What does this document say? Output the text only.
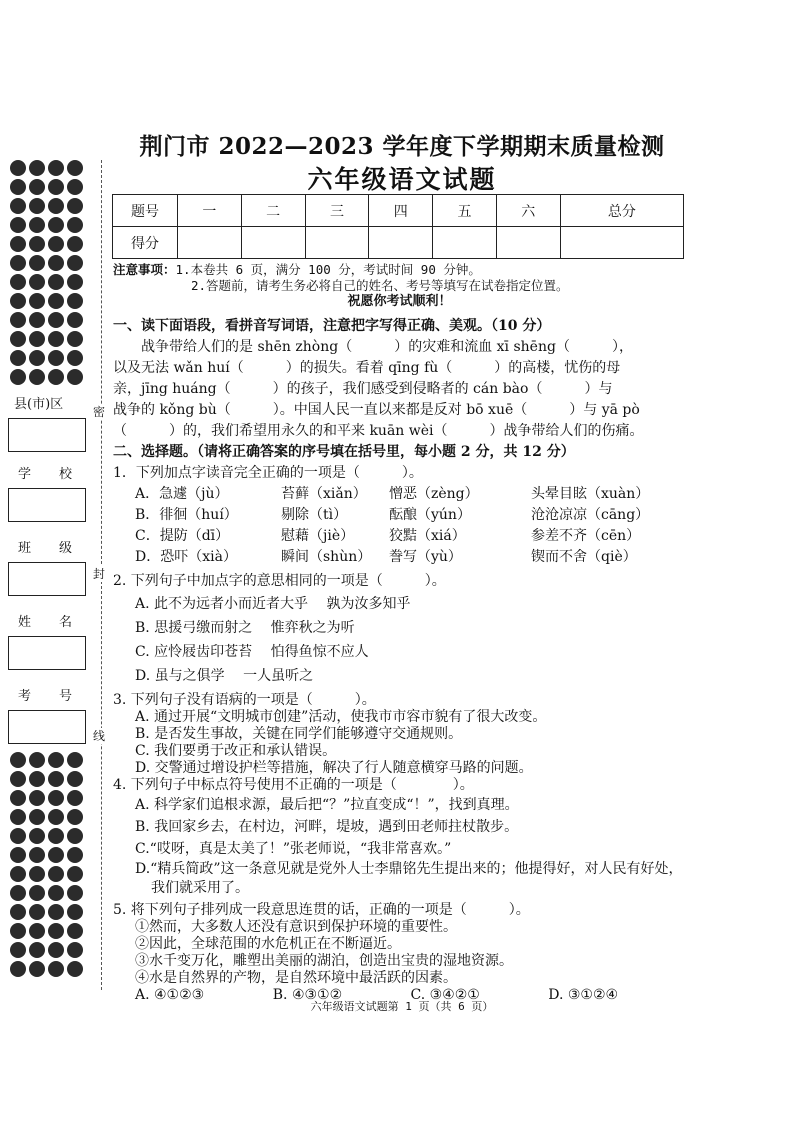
县(市)区
学 校
班 级
姓 名
考 号
密
封
线
荆门市 2022—2023 学年度下学期期末质量检测
六年级语文试题
题号	一	二	三	四	五	六	总分
得分							
注意事项：1.本卷共 6 页，满分 100 分，考试时间 90 分钟。
2.答题前，请考生务必将自己的姓名、考号等填写在试卷指定位置。
祝愿你考试顺利！
一、读下面语段，看拼音写词语，注意把字写得正确、美观。（10 分）
战争带给人们的是 shēn zhòng（　　　）的灾难和流血 xī shēng（　　　），
以及无法 wǎn huí（　　　）的损失。看着 qīng fù（　　　）的高楼，忧伤的母
亲，jīng huáng（　　　）的孩子，我们感受到侵略者的 cán bào（　　　）与
战争的 kǒng bù（　　　）。中国人民一直以来都是反对 bō xuē（　　　）与 yā pò
（　　　）的，我们希望用永久的和平来 kuān wèi（　　　）战争带给人们的伤痛。
二、选择题。（请将正确答案的序号填在括号里，每小题 2 分，共 12 分）
1．下列加点字读音完全正确的一项是（　　　）。
A．急遽（jù）	苔藓（xiǎn）	憎恶（zèng）	头晕目眩（xuàn）
B．徘徊（huí）	剔除（tì）	酝酿（yún）	沧沧凉凉（cāng）
C．提防（dī）	慰藉（jiè）	狡黠（xiá）	参差不齐（cēn）
D．恐吓（xià）	瞬间（shùn）	誊写（yù）	锲而不舍（qiè）
2. 下列句子中加点字的意思相同的一项是（　　　）。
A. 此不为远者小而近者大乎　 孰为汝多知乎
B. 思援弓缴而射之　 惟弈秋之为听
C. 应怜屐齿印苍苔　 怕得鱼惊不应人
D. 虽与之俱学　 一人虽听之
3. 下列句子没有语病的一项是（　　　）。
A. 通过开展“文明城市创建”活动，使我市市容市貌有了很大改变。
B. 是否发生事故，关键在同学们能够遵守交通规则。
C. 我们要勇于改正和承认错误。
D. 交警通过增设护栏等措施，解决了行人随意横穿马路的问题。
4. 下列句子中标点符号使用不正确的一项是（　　　　）。
A. 科学家们追根求源，最后把“？”拉直变成“！”，找到真理。
B. 我回家乡去，在村边，河畔，堤坡，遇到田老师拄杖散步。
C.“哎呀，真是太美了！”张老师说，“我非常喜欢。”
D.“精兵简政”这一条意见就是党外人士李鼎铭先生提出来的；他提得好，对人民有好处，我们就采用了。
5. 将下列句子排列成一段意思连贯的话，正确的一项是（　　　）。
①然而，大多数人还没有意识到保护环境的重要性。
②因此，全球范围的水危机正在不断逼近。
③水千变万化，雕塑出美丽的湖泊，创造出宝贵的湿地资源。
④水是自然界的产物，是自然环境中最活跃的因素。
A. ④①②③	B. ④③①②	C. ③④②①	D. ③①②④
六年级语文试题第 1 页（共 6 页）
